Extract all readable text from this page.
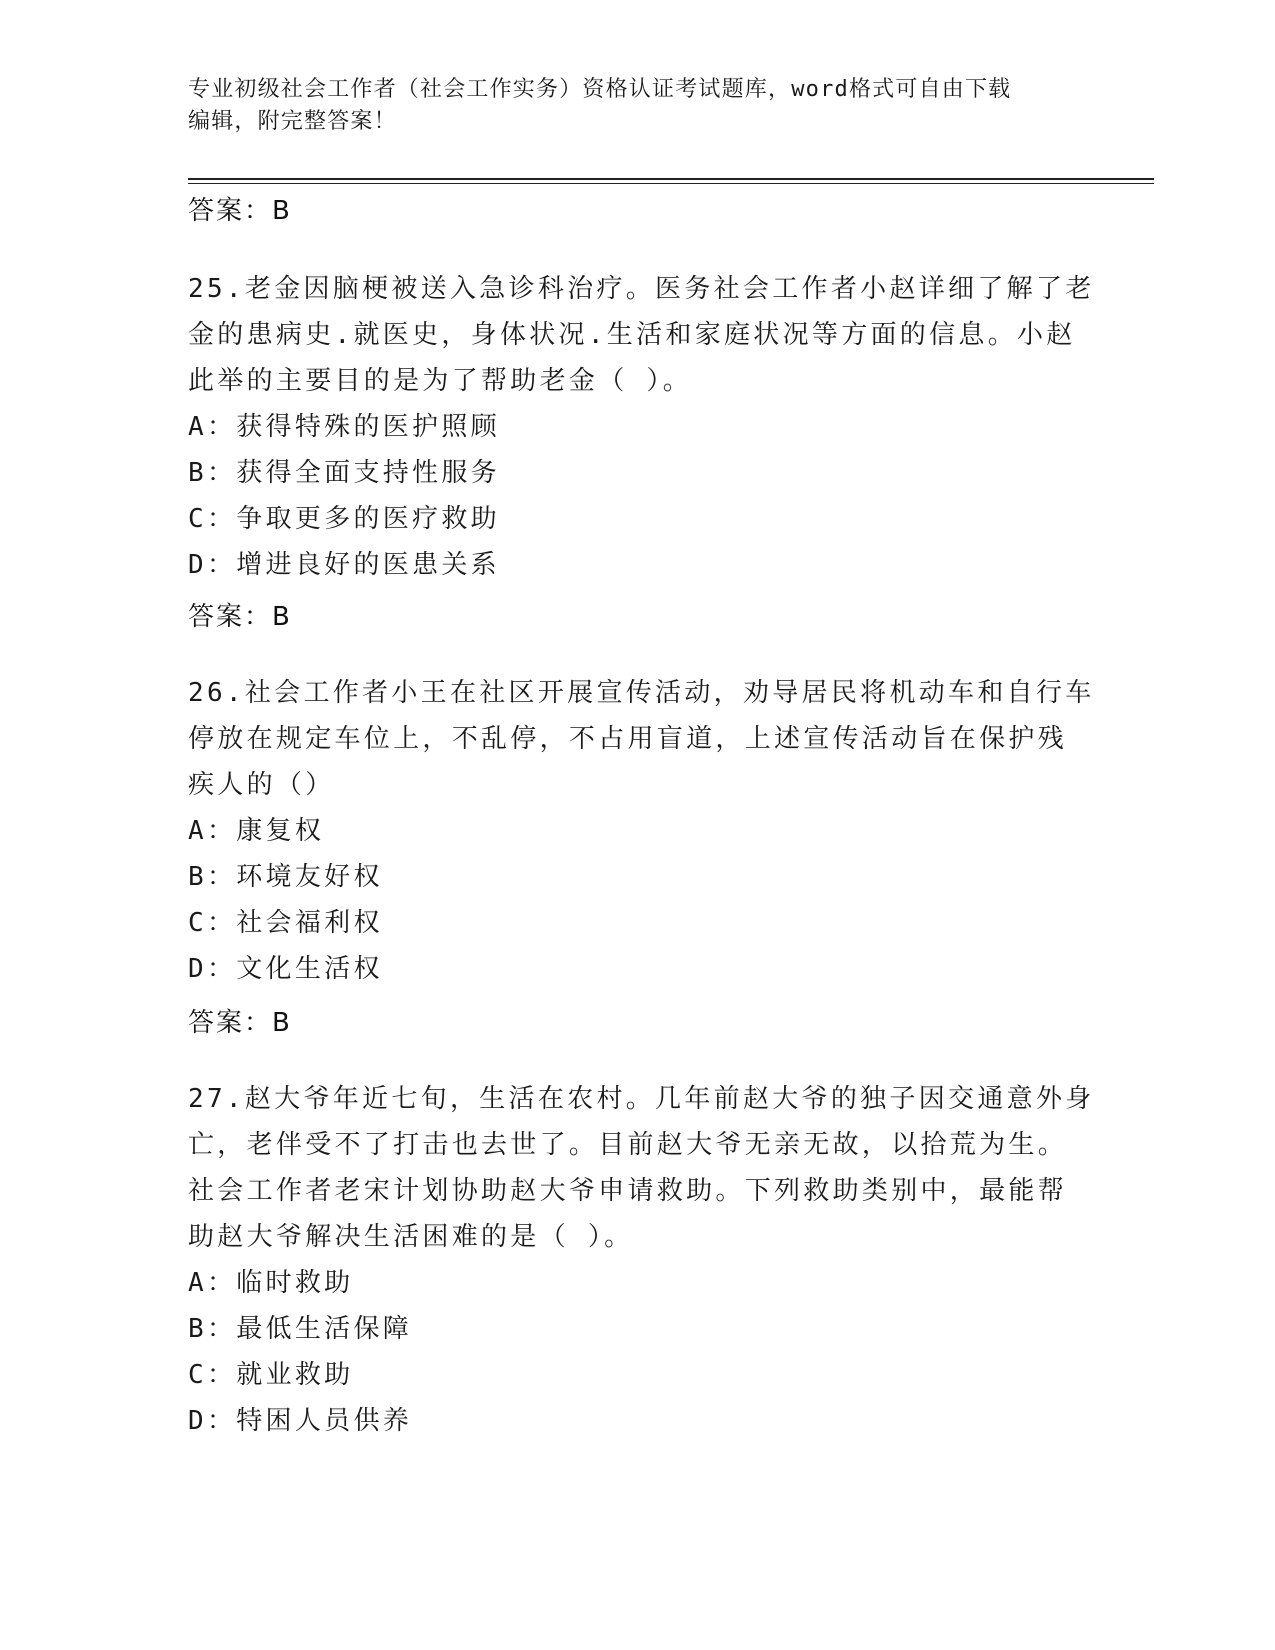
专业初级社会工作者（社会工作实务）资格认证考试题库，word格式可自由下载
编辑，附完整答案！
答案：B
25.老金因脑梗被送入急诊科治疗。医务社会工作者小赵详细了解了老
金的患病史.就医史，身体状况.生活和家庭状况等方面的信息。小赵
此举的主要目的是为了帮助老金（ ）。
A：获得特殊的医护照顾
B：获得全面支持性服务
C：争取更多的医疗救助
D：增进良好的医患关系
答案：B
26.社会工作者小王在社区开展宣传活动，劝导居民将机动车和自行车
停放在规定车位上，不乱停，不占用盲道，上述宣传活动旨在保护残
疾人的（）
A：康复权
B：环境友好权
C：社会福利权
D：文化生活权
答案：B
27.赵大爷年近七旬，生活在农村。几年前赵大爷的独子因交通意外身
亡，老伴受不了打击也去世了。目前赵大爷无亲无故，以拾荒为生。
社会工作者老宋计划协助赵大爷申请救助。下列救助类别中，最能帮
助赵大爷解决生活困难的是（ ）。
A：临时救助
B：最低生活保障
C：就业救助
D：特困人员供养
